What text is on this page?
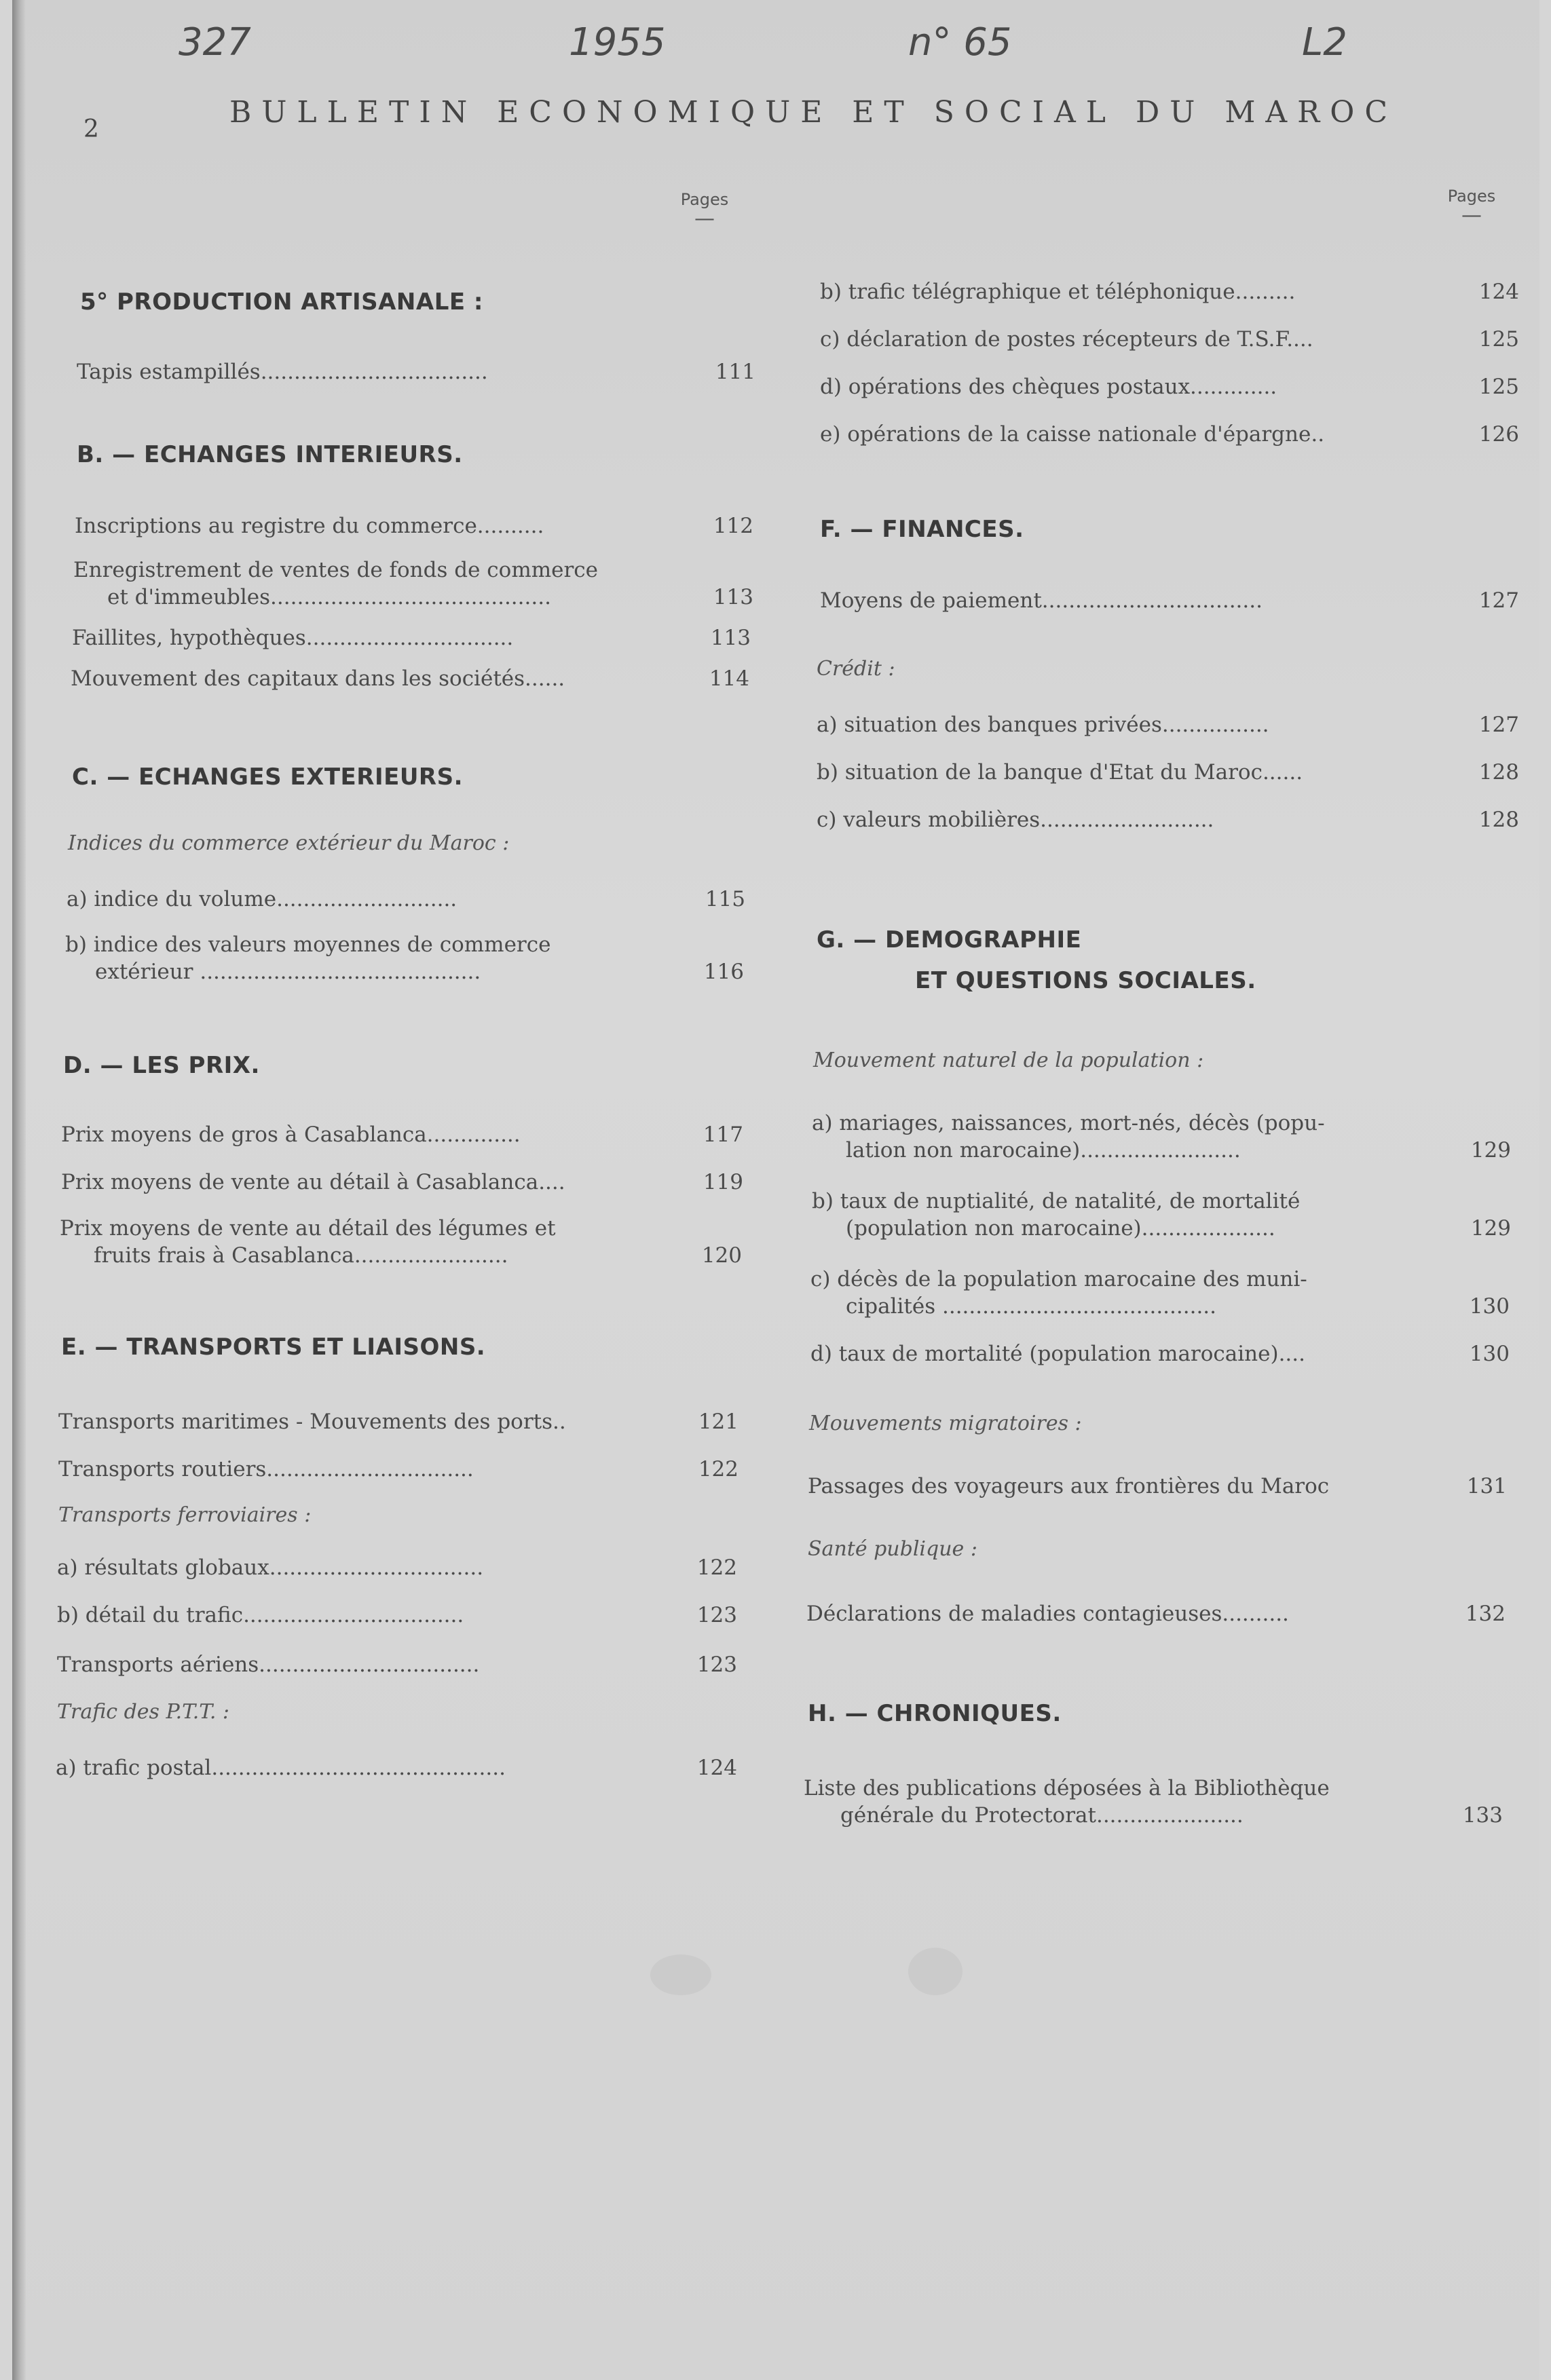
327	1955	n° 65	L2
2	BULLETIN ECONOMIQUE ET SOCIAL DU MAROC
Pages
—
5° PRODUCTION ARTISANALE :
Tapis estampillés..................................	111
B. — ECHANGES INTERIEURS.
Inscriptions au registre du commerce..........	112
Enregistrement de ventes de fonds de commerce
et d'immeubles..........................................	113
Faillites, hypothèques...............................	113
Mouvement des capitaux dans les sociétés......	114
C. — ECHANGES EXTERIEURS.
Indices du commerce extérieur du Maroc :
a) indice du volume...........................	115
b) indice des valeurs moyennes de commerce
extérieur ..........................................	116
D. — LES PRIX.
Prix moyens de gros à Casablanca..............	117
Prix moyens de vente au détail à Casablanca....	119
Prix moyens de vente au détail des légumes et
fruits frais à Casablanca.......................	120
E. — TRANSPORTS ET LIAISONS.
Transports maritimes - Mouvements des ports..	121
Transports routiers...............................	122
Transports ferroviaires :
a) résultats globaux................................	122
b) détail du trafic.................................	123
Transports aériens.................................	123
Trafic des P.T.T. :
a) trafic postal............................................	124
Pages
—
b) trafic télégraphique et téléphonique.........	124
c) déclaration de postes récepteurs de T.S.F....	125
d) opérations des chèques postaux.............	125
e) opérations de la caisse nationale d'épargne..	126
F. — FINANCES.
Moyens de paiement.................................	127
Crédit :
a) situation des banques privées................	127
b) situation de la banque d'Etat du Maroc......	128
c) valeurs mobilières..........................	128
G. — DEMOGRAPHIE
ET QUESTIONS SOCIALES.
Mouvement naturel de la population :
a) mariages, naissances, mort-nés, décès (popu-
lation non marocaine)........................	129
b) taux de nuptialité, de natalité, de mortalité
(population non marocaine)....................	129
c) décès de la population marocaine des muni-
cipalités .........................................	130
d) taux de mortalité (population marocaine)....	130
Mouvements migratoires :
Passages des voyageurs aux frontières du Maroc	131
Santé publique :
Déclarations de maladies contagieuses..........	132
H. — CHRONIQUES.
Liste des publications déposées à la Bibliothèque
générale du Protectorat......................	133
